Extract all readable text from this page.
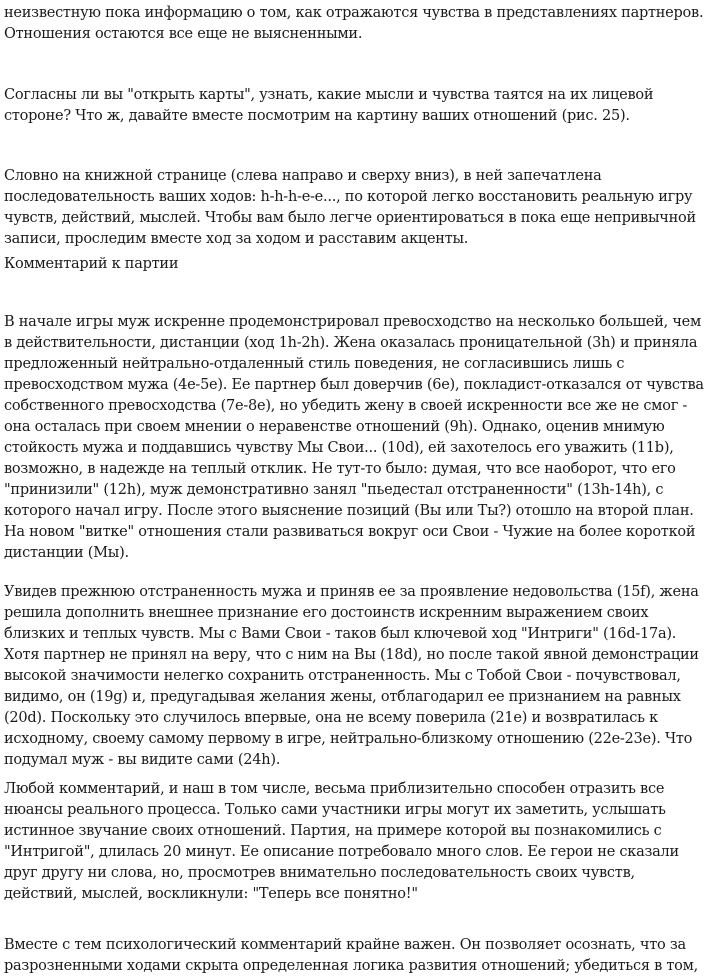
неизвестную пока информацию о том, как отражаются чувства в представлениях партнеров.
Отношения остаются все еще не выясненными.
Согласны ли вы "открыть карты", узнать, какие мысли и чувства таятся на их лицевой
стороне? Что ж, давайте вместе посмотрим на картину ваших отношений (рис. 25).
Словно на книжной странице (слева направо и сверху вниз), в ней запечатлена
последовательность ваших ходов: h-h-h-e-e..., по которой легко восстановить реальную игру
чувств, действий, мыслей. Чтобы вам было легче ориентироваться в пока еще непривычной
записи, проследим вместе ход за ходом и расставим акценты.
Комментарий к партии
В начале игры муж искренне продемонстрировал превосходство на несколько большей, чем
в действительности, дистанции (ход 1h-2h). Жена оказалась проницательной (3h) и приняла
предложенный нейтрально-отдаленный стиль поведения, не согласившись лишь с
превосходством мужа (4e-5e). Ее партнер был доверчив (6e), покладист-отказался от чувства
собственного превосходства (7e-8e), но убедить жену в своей искренности все же не смог -
она осталась при своем мнении о неравенстве отношений (9h). Однако, оценив мнимую
стойкость мужа и поддавшись чувству Мы Свои... (10d), ей захотелось его уважить (11b),
возможно, в надежде на теплый отклик. Не тут-то было: думая, что все наоборот, что его
"принизили" (12h), муж демонстративно занял "пьедестал отстраненности" (13h-14h), с
которого начал игру. После этого выяснение позиций (Вы или Ты?) отошло на второй план.
На новом "витке" отношения стали развиваться вокруг оси Свои - Чужие на более короткой
дистанции (Мы).
Увидев прежнюю отстраненность мужа и приняв ее за проявление недовольства (15f), жена
решила дополнить внешнее признание его достоинств искренним выражением своих
близких и теплых чувств. Мы с Вами Свои - таков был ключевой ход "Интриги" (16d-17a).
Хотя партнер не принял на веру, что с ним на Вы (18d), но после такой явной демонстрации
высокой значимости нелегко сохранить отстраненность. Мы с Тобой Свои - почувствовал,
видимо, он (19g) и, предугадывая желания жены, отблагодарил ее признанием на равных
(20d). Поскольку это случилось впервые, она не всему поверила (21e) и возвратилась к
исходному, своему самому первому в игре, нейтрально-близкому отношению (22e-23e). Что
подумал муж - вы видите сами (24h).
Любой комментарий, и наш в том числе, весьма приблизительно способен отразить все
нюансы реального процесса. Только сами участники игры могут их заметить, услышать
истинное звучание своих отношений. Партия, на примере которой вы познакомились с
"Интригой", длилась 20 минут. Ее описание потребовало много слов. Ее герои не сказали
друг другу ни слова, но, просмотрев внимательно последовательность своих чувств,
действий, мыслей, воскликнули: "Теперь все понятно!"
Вместе с тем психологический комментарий крайне важен. Он позволяет осознать, что за
разрозненными ходами скрыта определенная логика развития отношений; убедиться в том,
